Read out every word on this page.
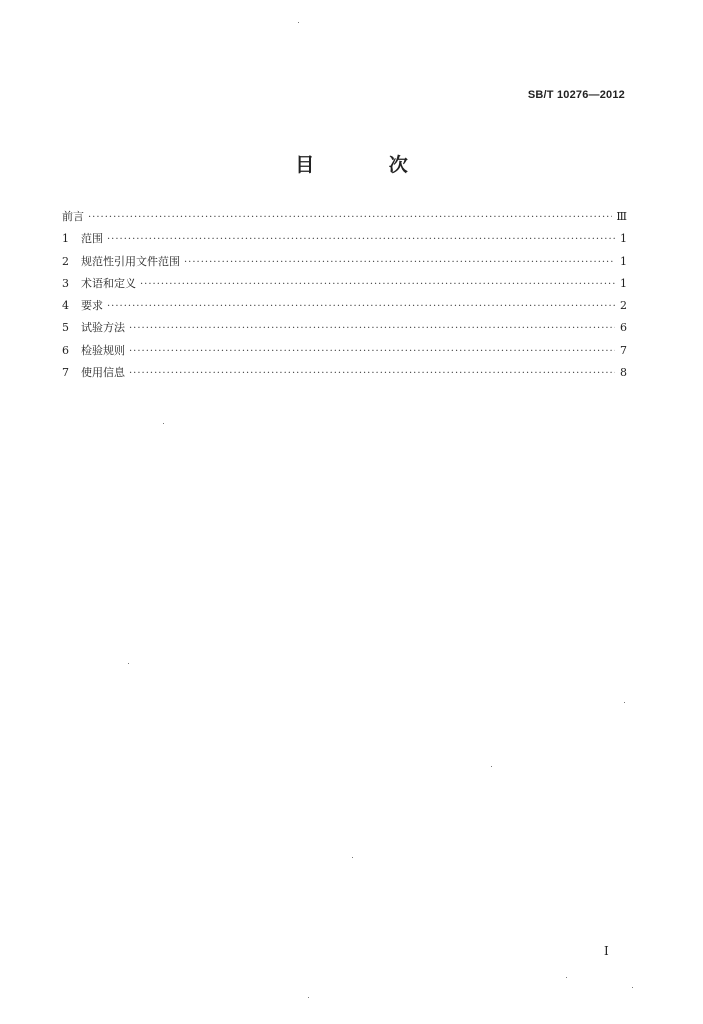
SB/T 10276—2012
目 次
前言 ·····	Ⅲ
1	范围 ·····	1
2	规范性引用文件范围 ·····	1
3	术语和定义 ·····	1
4	要求 ·····	2
5	试验方法 ·····	6
6	检验规则 ·····	7
7	使用信息 ·····	8
I
